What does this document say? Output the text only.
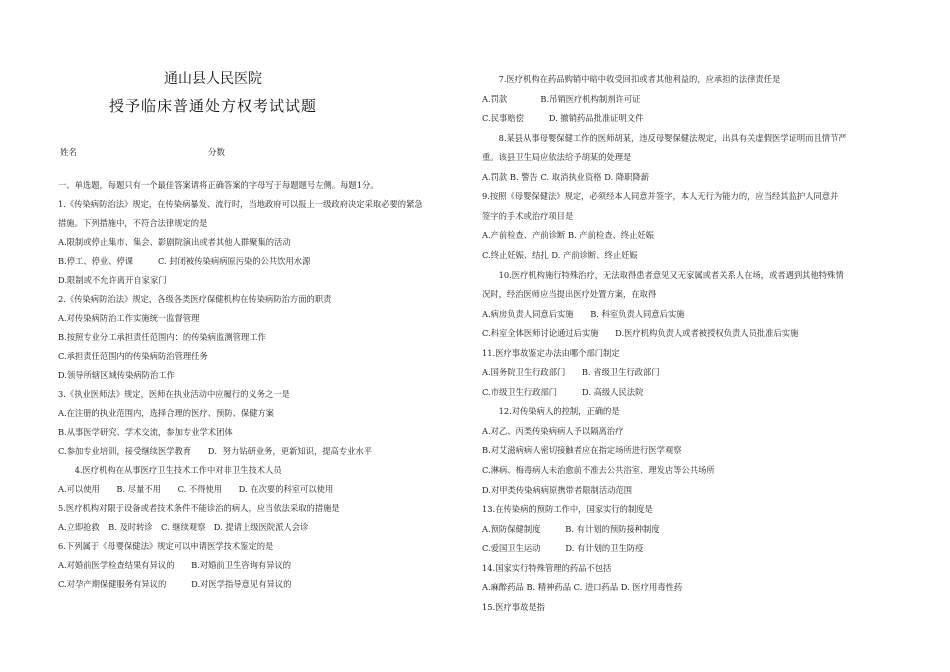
通山县人民医院
授予临床普通处方权考试试题
姓名	分数
一、单选题，每题只有一个最佳答案请将正确答案的字母写于每题题号左侧。每题1分。
1.《传染病防治法》规定，在传染病暴发、流行时，当地政府可以报上一级政府决定采取必要的紧急
措施。下列措施中，不符合法律规定的是
A.限制或停止集市、集会、影剧院演出或者其他人群聚集的活动
B.停工、停业、停课　　　C. 封闭被传染病病原污染的公共饮用水源
D.限制或不允许离开自家家门
2.《传染病防治法》规定，各级各类医疗保健机构在传染病防治方面的职责
A.对传染病防治工作实施统一监督管理
B.按照专业分工承担责任范围内：的传染病监测管理工作
C.承担责任范围内的传染病防治管理任务
D.领导所辖区域传染病防治工作
3.《执业医师法》规定，医师在执业活动中应履行的义务之一是
A.在注册的执业范围内，选择合理的医疗、预防、保健方案
B.从事医学研究、学术交流，参加专业学术团体
C.参加专业培训，接受继续医学教育　　D．努力钻研业务，更新知识，提高专业水平
　　4.医疗机构在从事医疗卫生技术工作中对非卫生技术人员
A.可以使用　　B. 尽量不用　　C. 不得使用　　D. 在次要的科室可以使用
5.医疗机构对限于设备或者技术条件不能诊治的病人，应当依法采取的措施是
A.立即抢救　B. 及时转诊　C. 继续观察　D. 提请上级医院派人会诊
6.下列属于《母婴保健法》规定可以申请医学技术鉴定的是
A.对婚前医学检查结果有异议的　　B.对婚前卫生咨询有异议的
C.对孕产期保健服务有异议的　　　D.对医学指导意见有异议的
　　7.医疗机构在药品购销中暗中收受回扣或者其他利益的，应承担的法律责任是
A.罚款　　　　B.吊销医疗机构制剂许可证
C.民事赔偿　　　D. 撤销药品批准证明文件
　　8.某县从事母婴保健工作的医师胡某，违反母婴保健法规定，出具有关虚假医学证明而且情节严
重。该县卫生局应依法给予胡某的处理是
A.罚款 B. 警告 C. 取消执业资格 D. 降职降薪
9.按照《母婴保健法》规定，必须经本人同意并签字，本人无行为能力的，应当经其监护人同意并
签字的手术或治疗项目是
A.产前检查、产前诊断 B. 产前检查、终止妊娠
C.终止妊娠、结扎 D. 产前诊断、终止妊娠
　　10.医疗机构施行特殊治疗，无法取得患者意见又无家属或者关系人在场，或者遇到其他特殊情
况时，经治医师应当提出医疗处置方案，在取得
A.病房负责人同意后实施　　B. 科室负责人同意后实施
C.科室全体医师讨论通过后实施　　D.医疗机构负责人或者被授权负责人员批准后实施
11.医疗事故鉴定办法由哪个部门制定
A.国务院卫生行政部门　　B. 省级卫生行政部门
C.市级卫生行政部门　　　D. 高级人民法院
　　12.对传染病人的控制，正确的是
A.对乙、丙类传染病病人予以隔离治疗
B.对艾滋病病人密切接触者应在指定场所进行医学观察
C.淋病、梅毒病人未治愈前不准去公共浴室、理发店等公共场所
D.对甲类传染病病原携带者限制活动范围
13.在传染病的预防工作中，国家实行的制度是
A.预防保健制度　　　B. 有计划的预防接种制度
C.爱国卫生运动　　　D. 有计划的卫生防疫
14.国家实行特殊管理的药品不包括
A.麻醉药品 B. 精神药品 C. 进口药品 D. 医疗用毒性药
15.医疗事故是指
